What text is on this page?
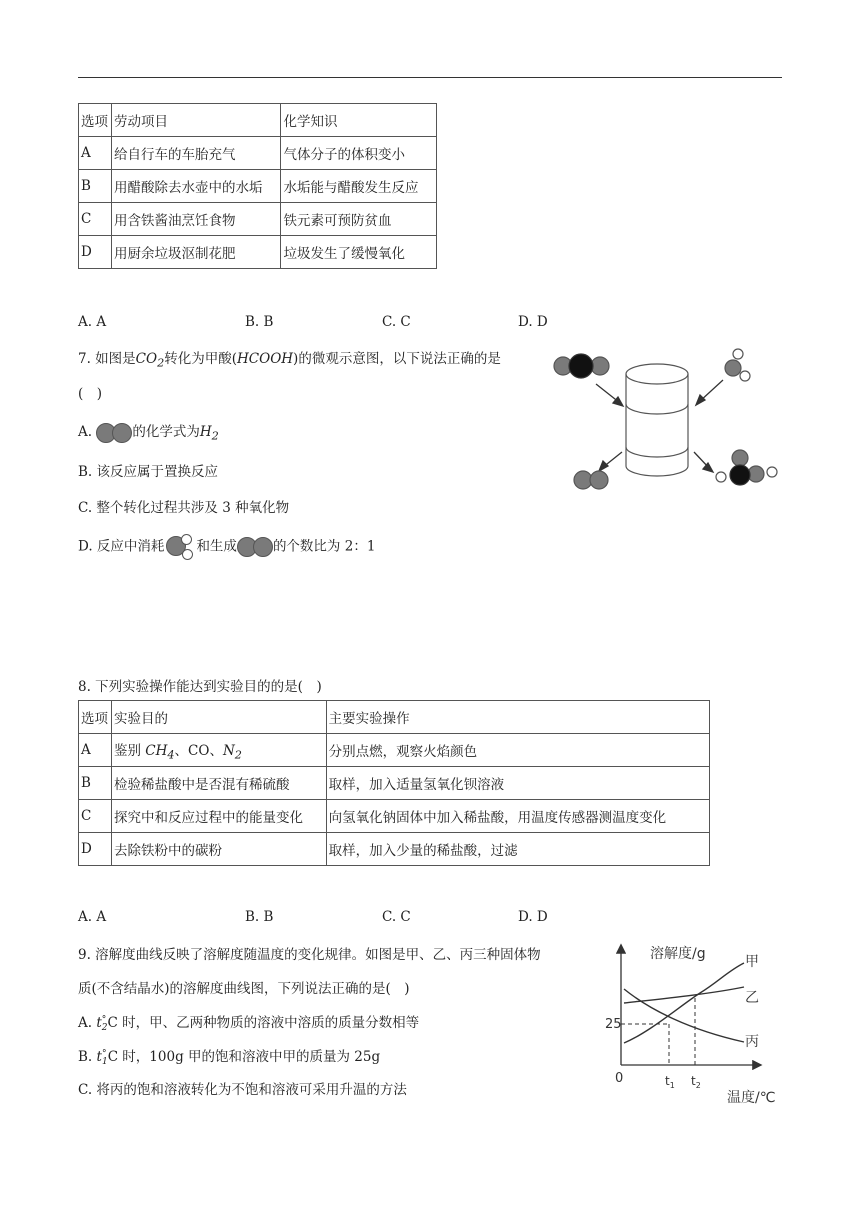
选项	劳动项目	化学知识
A	给自行车的车胎充气	气体分子的体积变小
B	用醋酸除去水壶中的水垢	水垢能与醋酸发生反应
C	用含铁酱油烹饪食物	铁元素可预防贫血
D	用厨余垃圾沤制花肥	垃圾发生了缓慢氧化
A. A	B. B	C. C	D. D
7. 如图是$CO_2$转化为甲酸(HCOOH)的微观示意图，以下说法正确的是
(　)
A.	的化学式为$H_2$
B. 该反应属于置换反应
C. 整个转化过程共涉及 3 种氧化物
D. 反应中消耗 和生成	的个数比为 2：1
8. 下列实验操作能达到实验目的的是(　)
选项	实验目的	主要实验操作
A	鉴别 $CH_4$、CO、$N_2$	分别点燃，观察火焰颜色
B	检验稀盐酸中是否混有稀硫酸	取样，加入适量氢氧化钡溶液
C	探究中和反应过程中的能量变化	向氢氧化钠固体中加入稀盐酸，用温度传感器测温度变化
D	去除铁粉中的碳粉	取样，加入少量的稀盐酸，过滤
A. A	B. B	C. C	D. D
9. 溶解度曲线反映了溶解度随温度的变化规律。如图是甲、乙、丙三种固体物
质(不含结晶水)的溶解度曲线图，下列说法正确的是(　)
A. t °
2 C 时，甲、乙两种物质的溶液中溶质的质量分数相等
B. t °
1 C 时，100g 甲的饱和溶液中甲的质量为 25g
C. 将丙的饱和溶液转化为不饱和溶液可采用升温的方法
溶解度/g
温度/℃
0
25
$t_1$ $t_2$
甲
乙
丙
